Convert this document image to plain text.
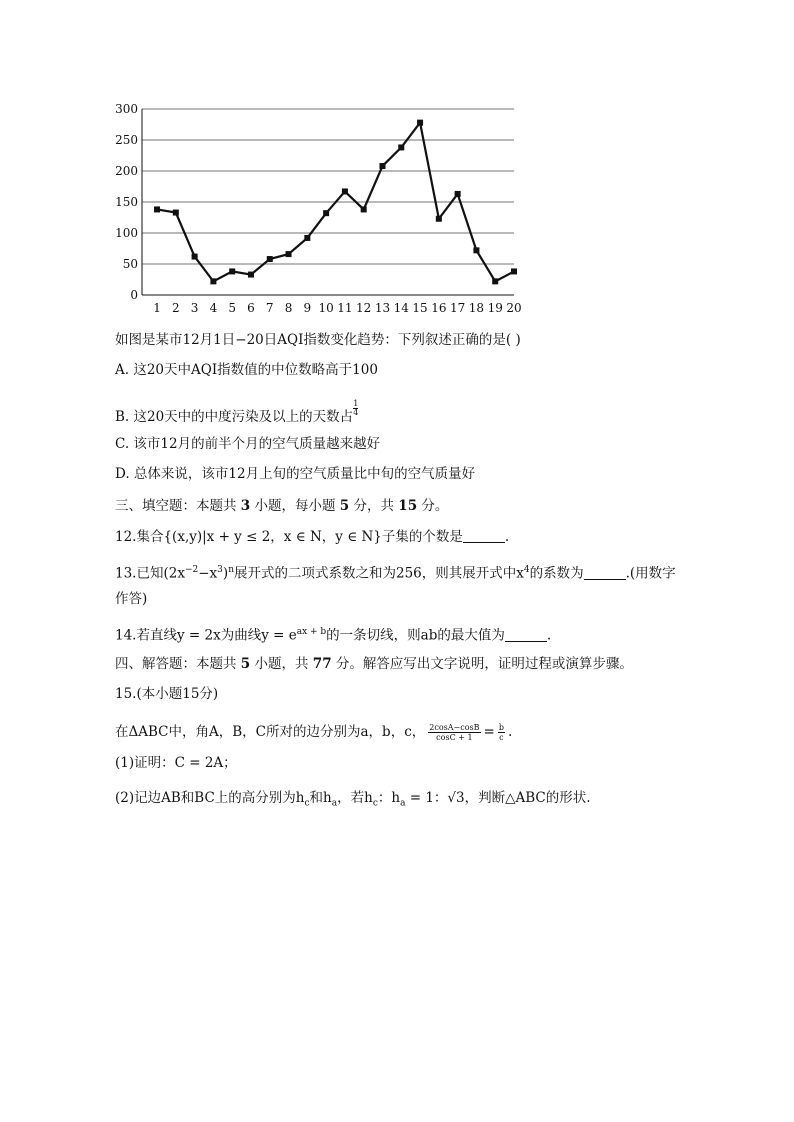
0
50
100
150
200
250
300
1 2 3 4 5 6 7 8 9 10 11 12 13 14 15 16 17 18 19 20
如图是某市12月1日−20日AQI指数变化趋势：下列叙述正确的是( )
A. 这20天中AQI指数值的中位数略高于100
B. 这20天中的中度污染及以上的天数占 $\frac{1}{4}$
C. 该市12月的前半个月的空气质量越来越好
D. 总体来说，该市12月上旬的空气质量比中旬的空气质量好
三、填空题：本题共 3 小题，每小题 5 分，共 15 分。
12.集合{(x,y)|x + y ≤ 2，x ∈ N，y ∈ N}子集的个数是	.
13.已知$(2x^{-2}-x^3)^n$展开式的二项式系数之和为256，则其展开式中$x^4$的系数为	.(用数字
作答)
14.若直线y = 2x为曲线$y = e^{ax + b}$的一条切线，则ab的最大值为	.
四、解答题：本题共 5 小题，共 77 分。解答应写出文字说明，证明过程或演算步骤。
15.(本小题15分)
在ΔABC中，角A，B，C所对的边分别为a，b，c， $\frac{2\cos A-\cos B}{\cos C + 1} = \frac{b}{c}$ .
(1)证明：C = 2A；
(2)记边AB和BC上的高分别为$h_c$和$h_a$，若$h_c$：$h_a = 1$：√3，判断△ABC的形状.
